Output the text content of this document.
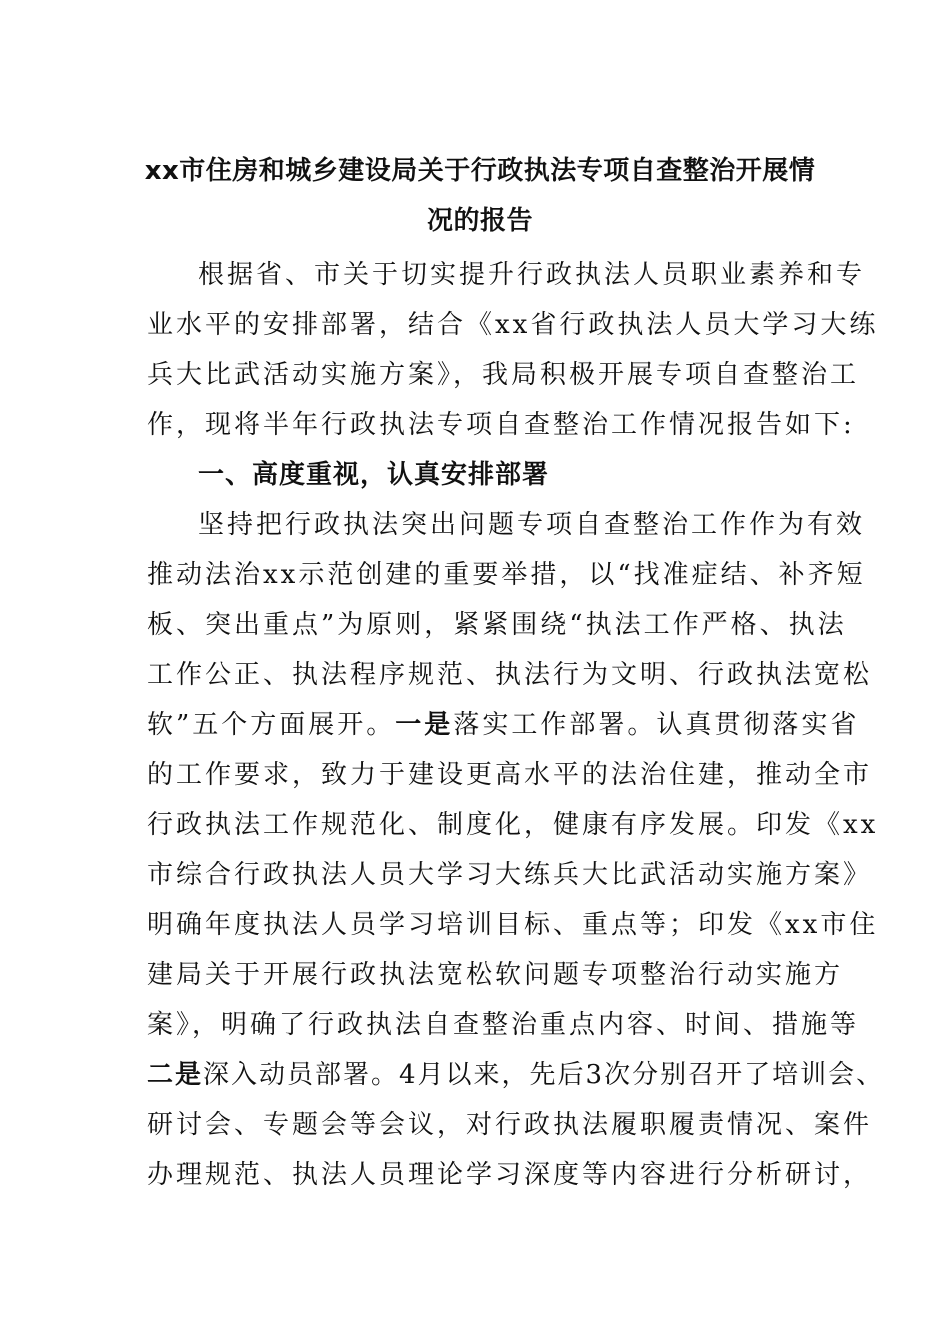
xx市住房和城乡建设局关于行政执法专项自查整治开展情
况的报告
根据省、市关于切实提升行政执法人员职业素养和专
业水平的安排部署，结合《xx省行政执法人员大学习大练
兵大比武活动实施方案》，我局积极开展专项自查整治工
作，现将半年行政执法专项自查整治工作情况报告如下:
一、高度重视，认真安排部署
坚持把行政执法突出问题专项自查整治工作作为有效
推动法治xx示范创建的重要举措，以“找准症结、补齐短
板、突出重点”为原则，紧紧围绕“执法工作严格、执法
工作公正、执法程序规范、执法行为文明、行政执法宽松
软”五个方面展开。一是落实工作部署。认真贯彻落实省
的工作要求，致力于建设更高水平的法治住建，推动全市
行政执法工作规范化、制度化，健康有序发展。印发《xx
市综合行政执法人员大学习大练兵大比武活动实施方案》
明确年度执法人员学习培训目标、重点等；印发《xx市住
建局关于开展行政执法宽松软问题专项整治行动实施方
案》，明确了行政执法自查整治重点内容、时间、措施等
二是深入动员部署。4月以来，先后3次分别召开了培训会、
研讨会、专题会等会议，对行政执法履职履责情况、案件
办理规范、执法人员理论学习深度等内容进行分析研讨，
